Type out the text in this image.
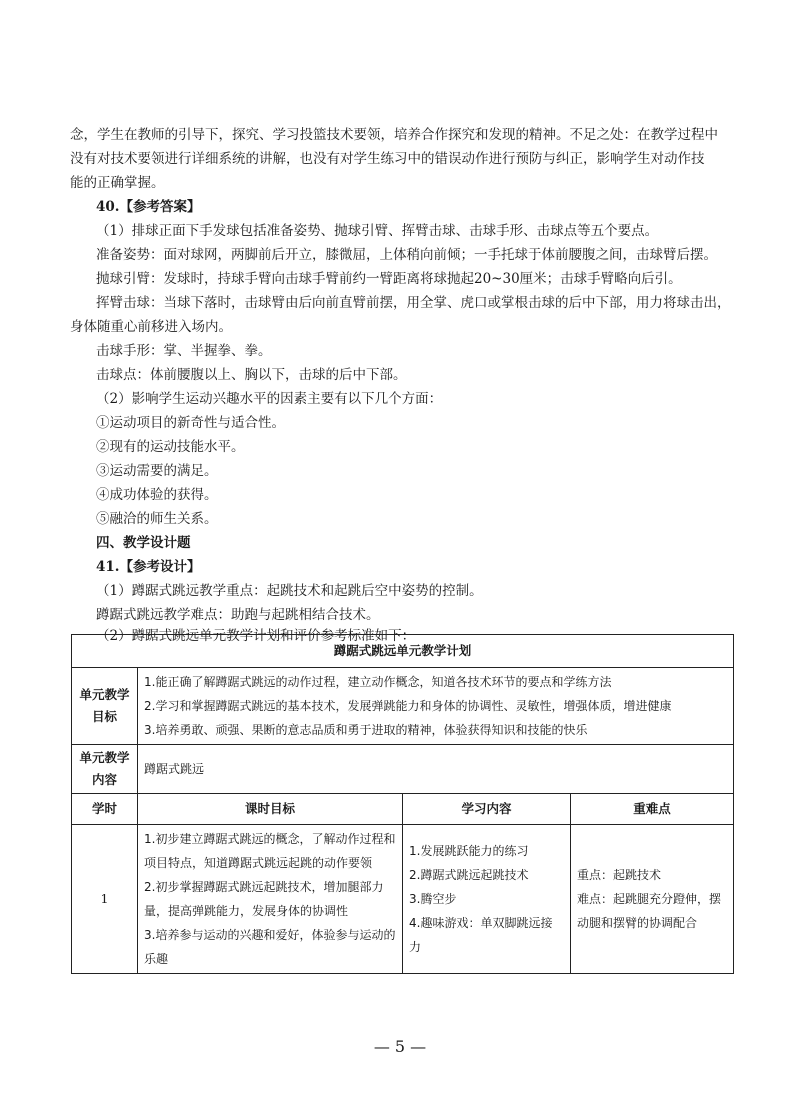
念，学生在教师的引导下，探究、学习投篮技术要领，培养合作探究和发现的精神。不足之处：在教学过程中
没有对技术要领进行详细系统的讲解，也没有对学生练习中的错误动作进行预防与纠正，影响学生对动作技
能的正确掌握。
40.【参考答案】
（1）排球正面下手发球包括准备姿势、抛球引臂、挥臂击球、击球手形、击球点等五个要点。
准备姿势：面对球网，两脚前后开立，膝微屈，上体稍向前倾；一手托球于体前腰腹之间，击球臂后摆。
抛球引臂：发球时，持球手臂向击球手臂前约一臂距离将球抛起20~30厘米；击球手臂略向后引。
挥臂击球：当球下落时，击球臂由后向前直臂前摆，用全掌、虎口或掌根击球的后中下部，用力将球击出，
身体随重心前移进入场内。
击球手形：掌、半握拳、拳。
击球点：体前腰腹以上、胸以下，击球的后中下部。
（2）影响学生运动兴趣水平的因素主要有以下几个方面：
①运动项目的新奇性与适合性。
②现有的运动技能水平。
③运动需要的满足。
④成功体验的获得。
⑤融洽的师生关系。
四、教学设计题
41.【参考设计】
（1）蹲踞式跳远教学重点：起跳技术和起跳后空中姿势的控制。
蹲踞式跳远教学难点：助跑与起跳相结合技术。
（2）蹲踞式跳远单元教学计划和评价参考标准如下：
蹲踞式跳远单元教学计划			
单元教学目标	1.能正确了解蹲踞式跳远的动作过程，建立动作概念，知道各技术环节的要点和学练方法
2.学习和掌握蹲踞式跳远的基本技术，发展弹跳能力和身体的协调性、灵敏性，增强体质，增进健康
3.培养勇敢、顽强、果断的意志品质和勇于进取的精神，体验获得知识和技能的快乐		

单元教学内容	蹲踞式跳远		
学时	课时目标	学习内容	重难点
1	1.初步建立蹲踞式跳远的概念，了解动作过程和项目特点，知道蹲踞式跳远起跳的动作要领
2.初步掌握蹲踞式跳远起跳技术，增加腿部力量，提高弹跳能力，发展身体的协调性
3.培养参与运动的兴趣和爱好，体验参与运动的乐趣	1.发展跳跃能力的练习
2.蹲踞式跳远起跳技术
3.腾空步
4.趣味游戏：单双脚跳远接力	重点：起跳技术
难点：起跳腿充分蹬伸，摆动腿和摆臂的协调配合
— 5 —
